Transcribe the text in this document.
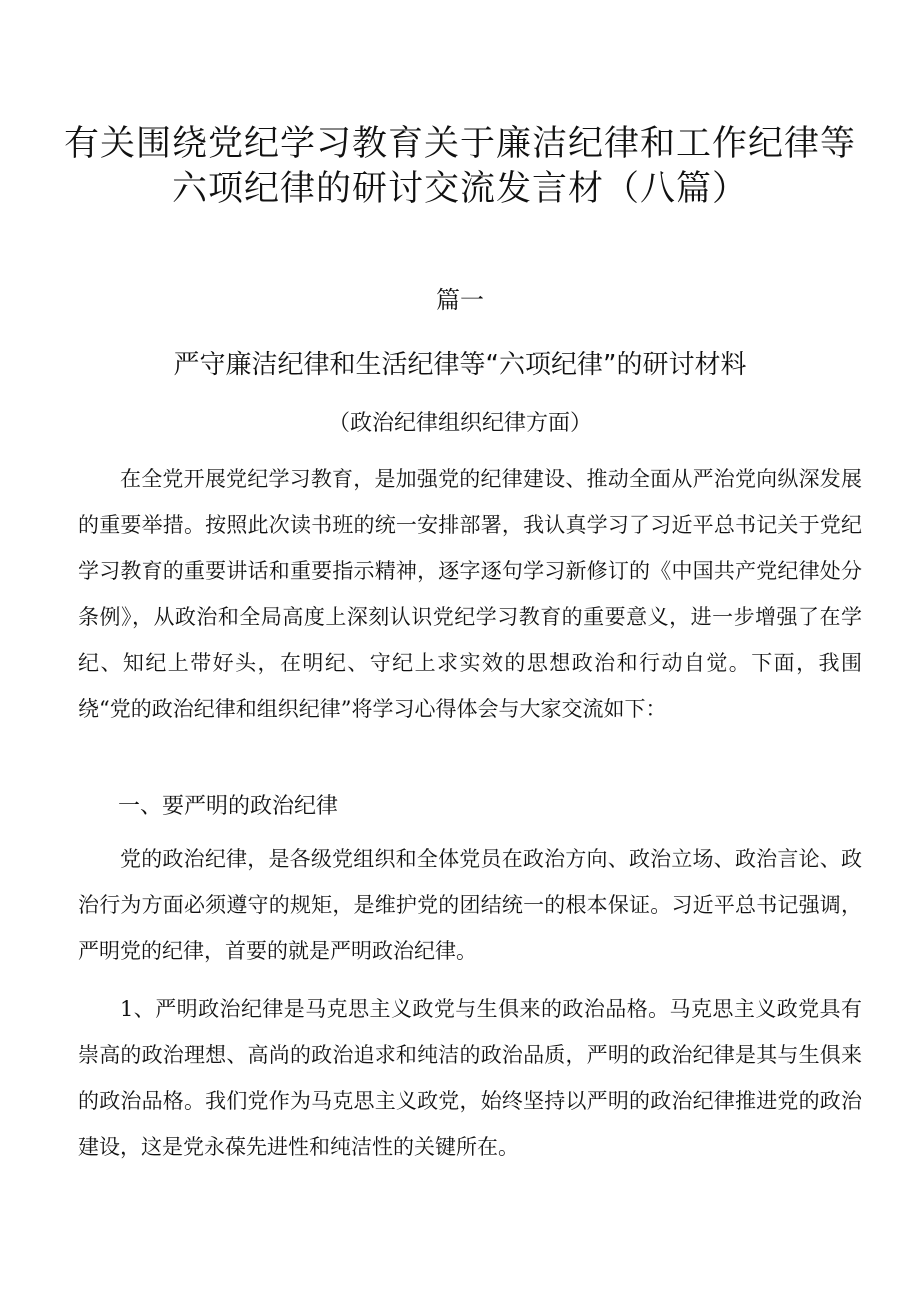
有关围绕党纪学习教育关于廉洁纪律和工作纪律等
六项纪律的研讨交流发言材（八篇）
篇一
严守廉洁纪律和生活纪律等“六项纪律”的研讨材料
（政治纪律组织纪律方面）

在全党开展党纪学习教育，是加强党的纪律建设、推动全面从严治党向纵深发展的重要举措。按照此次读书班的统一安排部署，我认真学习了习近平总书记关于党纪学习教育的重要讲话和重要指示精神，逐字逐句学习新修订的《中国共产党纪律处分条例》，从政治和全局高度上深刻认识党纪学习教育的重要意义，进一步增强了在学纪、知纪上带好头，在明纪、守纪上求实效的思想政治和行动自觉。下面，我围绕“党的政治纪律和组织纪律”将学习心得体会与大家交流如下：

一、要严明的政治纪律

党的政治纪律，是各级党组织和全体党员在政治方向、政治立场、政治言论、政治行为方面必须遵守的规矩，是维护党的团结统一的根本保证。习近平总书记强调，严明党的纪律，首要的就是严明政治纪律。

1、严明政治纪律是马克思主义政党与生俱来的政治品格。马克思主义政党具有崇高的政治理想、高尚的政治追求和纯洁的政治品质，严明的政治纪律是其与生俱来的政治品格。我们党作为马克思主义政党，始终坚持以严明的政治纪律推进党的政治建设，这是党永葆先进性和纯洁性的关键所在。
